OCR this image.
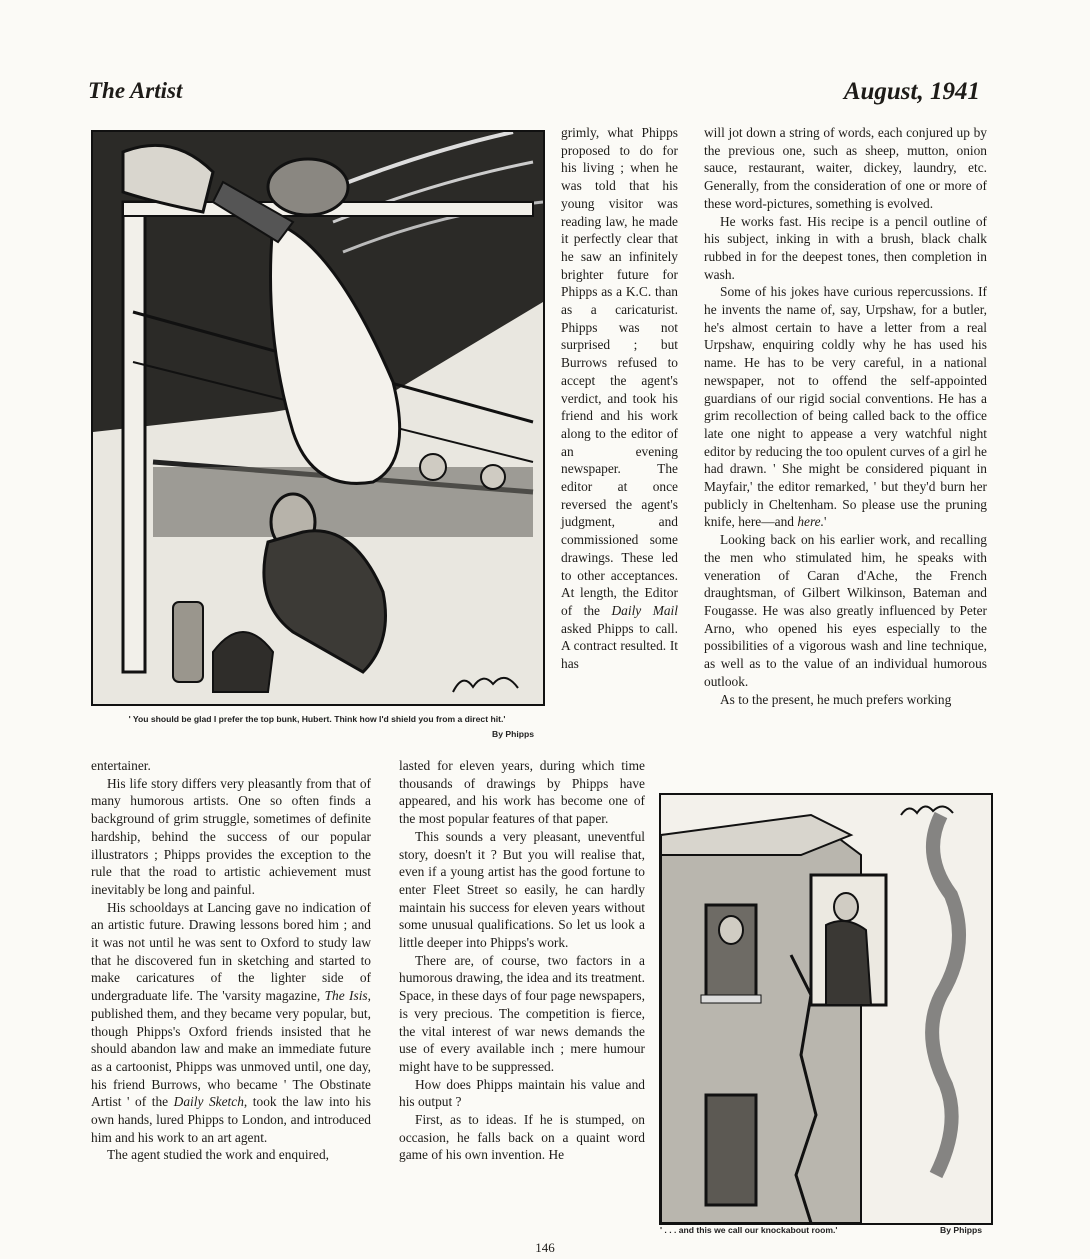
The Artist	August, 1941
' You should be glad I prefer the top bunk, Hubert. Think how I'd shield you from a direct hit.'
By Phipps

grimly, what Phipps proposed to do for his living ; when he was told that his young visitor was reading law, he made it perfectly clear that he saw an infinitely brighter future for Phipps as a K.C. than as a caricaturist. Phipps was not surprised ; but Burrows refused to accept the agent's verdict, and took his friend and his work along to the editor of an evening newspaper. The editor at once reversed the agent's judgment, and commissioned some drawings. These led to other acceptances. At length, the Editor of the Daily Mail asked Phipps to call. A contract resulted. It has

will jot down a string of words, each conjured up by the previous one, such as sheep, mutton, onion sauce, restaurant, waiter, dickey, laundry, etc. Generally, from the consideration of one or more of these word-pictures, something is evolved.

He works fast. His recipe is a pencil outline of his subject, inking in with a brush, black chalk rubbed in for the deepest tones, then completion in wash.

Some of his jokes have curious repercussions. If he invents the name of, say, Urpshaw, for a butler, he's almost certain to have a letter from a real Urpshaw, enquiring coldly why he has used his name. He has to be very careful, in a national newspaper, not to offend the self-appointed guardians of our rigid social conventions. He has a grim recollection of being called back to the office late one night to appease a very watchful night editor by reducing the too opulent curves of a girl he had drawn. ' She might be considered piquant in Mayfair,' the editor remarked, ' but they'd burn her publicly in Cheltenham. So please use the pruning knife, here—and here.'

Looking back on his earlier work, and recalling the men who stimulated him, he speaks with veneration of Caran d'Ache, the French draughtsman, of Gilbert Wilkinson, Bateman and Fougasse. He was also greatly influenced by Peter Arno, who opened his eyes especially to the possibilities of a vigorous wash and line technique, as well as to the value of an individual humorous outlook.

As to the present, he much prefers working

entertainer.

His life story differs very pleasantly from that of many humorous artists. One so often finds a background of grim struggle, sometimes of definite hardship, behind the success of our popular illustrators ; Phipps provides the exception to the rule that the road to artistic achievement must inevitably be long and painful.

His schooldays at Lancing gave no indication of an artistic future. Drawing lessons bored him ; and it was not until he was sent to Oxford to study law that he discovered fun in sketching and started to make caricatures of the lighter side of undergraduate life. The 'varsity magazine, The Isis, published them, and they became very popular, but, though Phipps's Oxford friends insisted that he should abandon law and make an immediate future as a cartoonist, Phipps was unmoved until, one day, his friend Burrows, who became ' The Obstinate Artist ' of the Daily Sketch, took the law into his own hands, lured Phipps to London, and introduced him and his work to an art agent.

The agent studied the work and enquired,

lasted for eleven years, during which time thousands of drawings by Phipps have appeared, and his work has become one of the most popular features of that paper.

This sounds a very pleasant, uneventful story, doesn't it ? But you will realise that, even if a young artist has the good fortune to enter Fleet Street so easily, he can hardly maintain his success for eleven years without some unusual qualifications. So let us look a little deeper into Phipps's work.

There are, of course, two factors in a humorous drawing, the idea and its treatment. Space, in these days of four page newspapers, is very precious. The competition is fierce, the vital interest of war news demands the use of every available inch ; mere humour might have to be suppressed.

How does Phipps maintain his value and his output ?

First, as to ideas. If he is stumped, on occasion, he falls back on a quaint word game of his own invention. He

' . . . and this we call our knockabout room.'	By Phipps
146
